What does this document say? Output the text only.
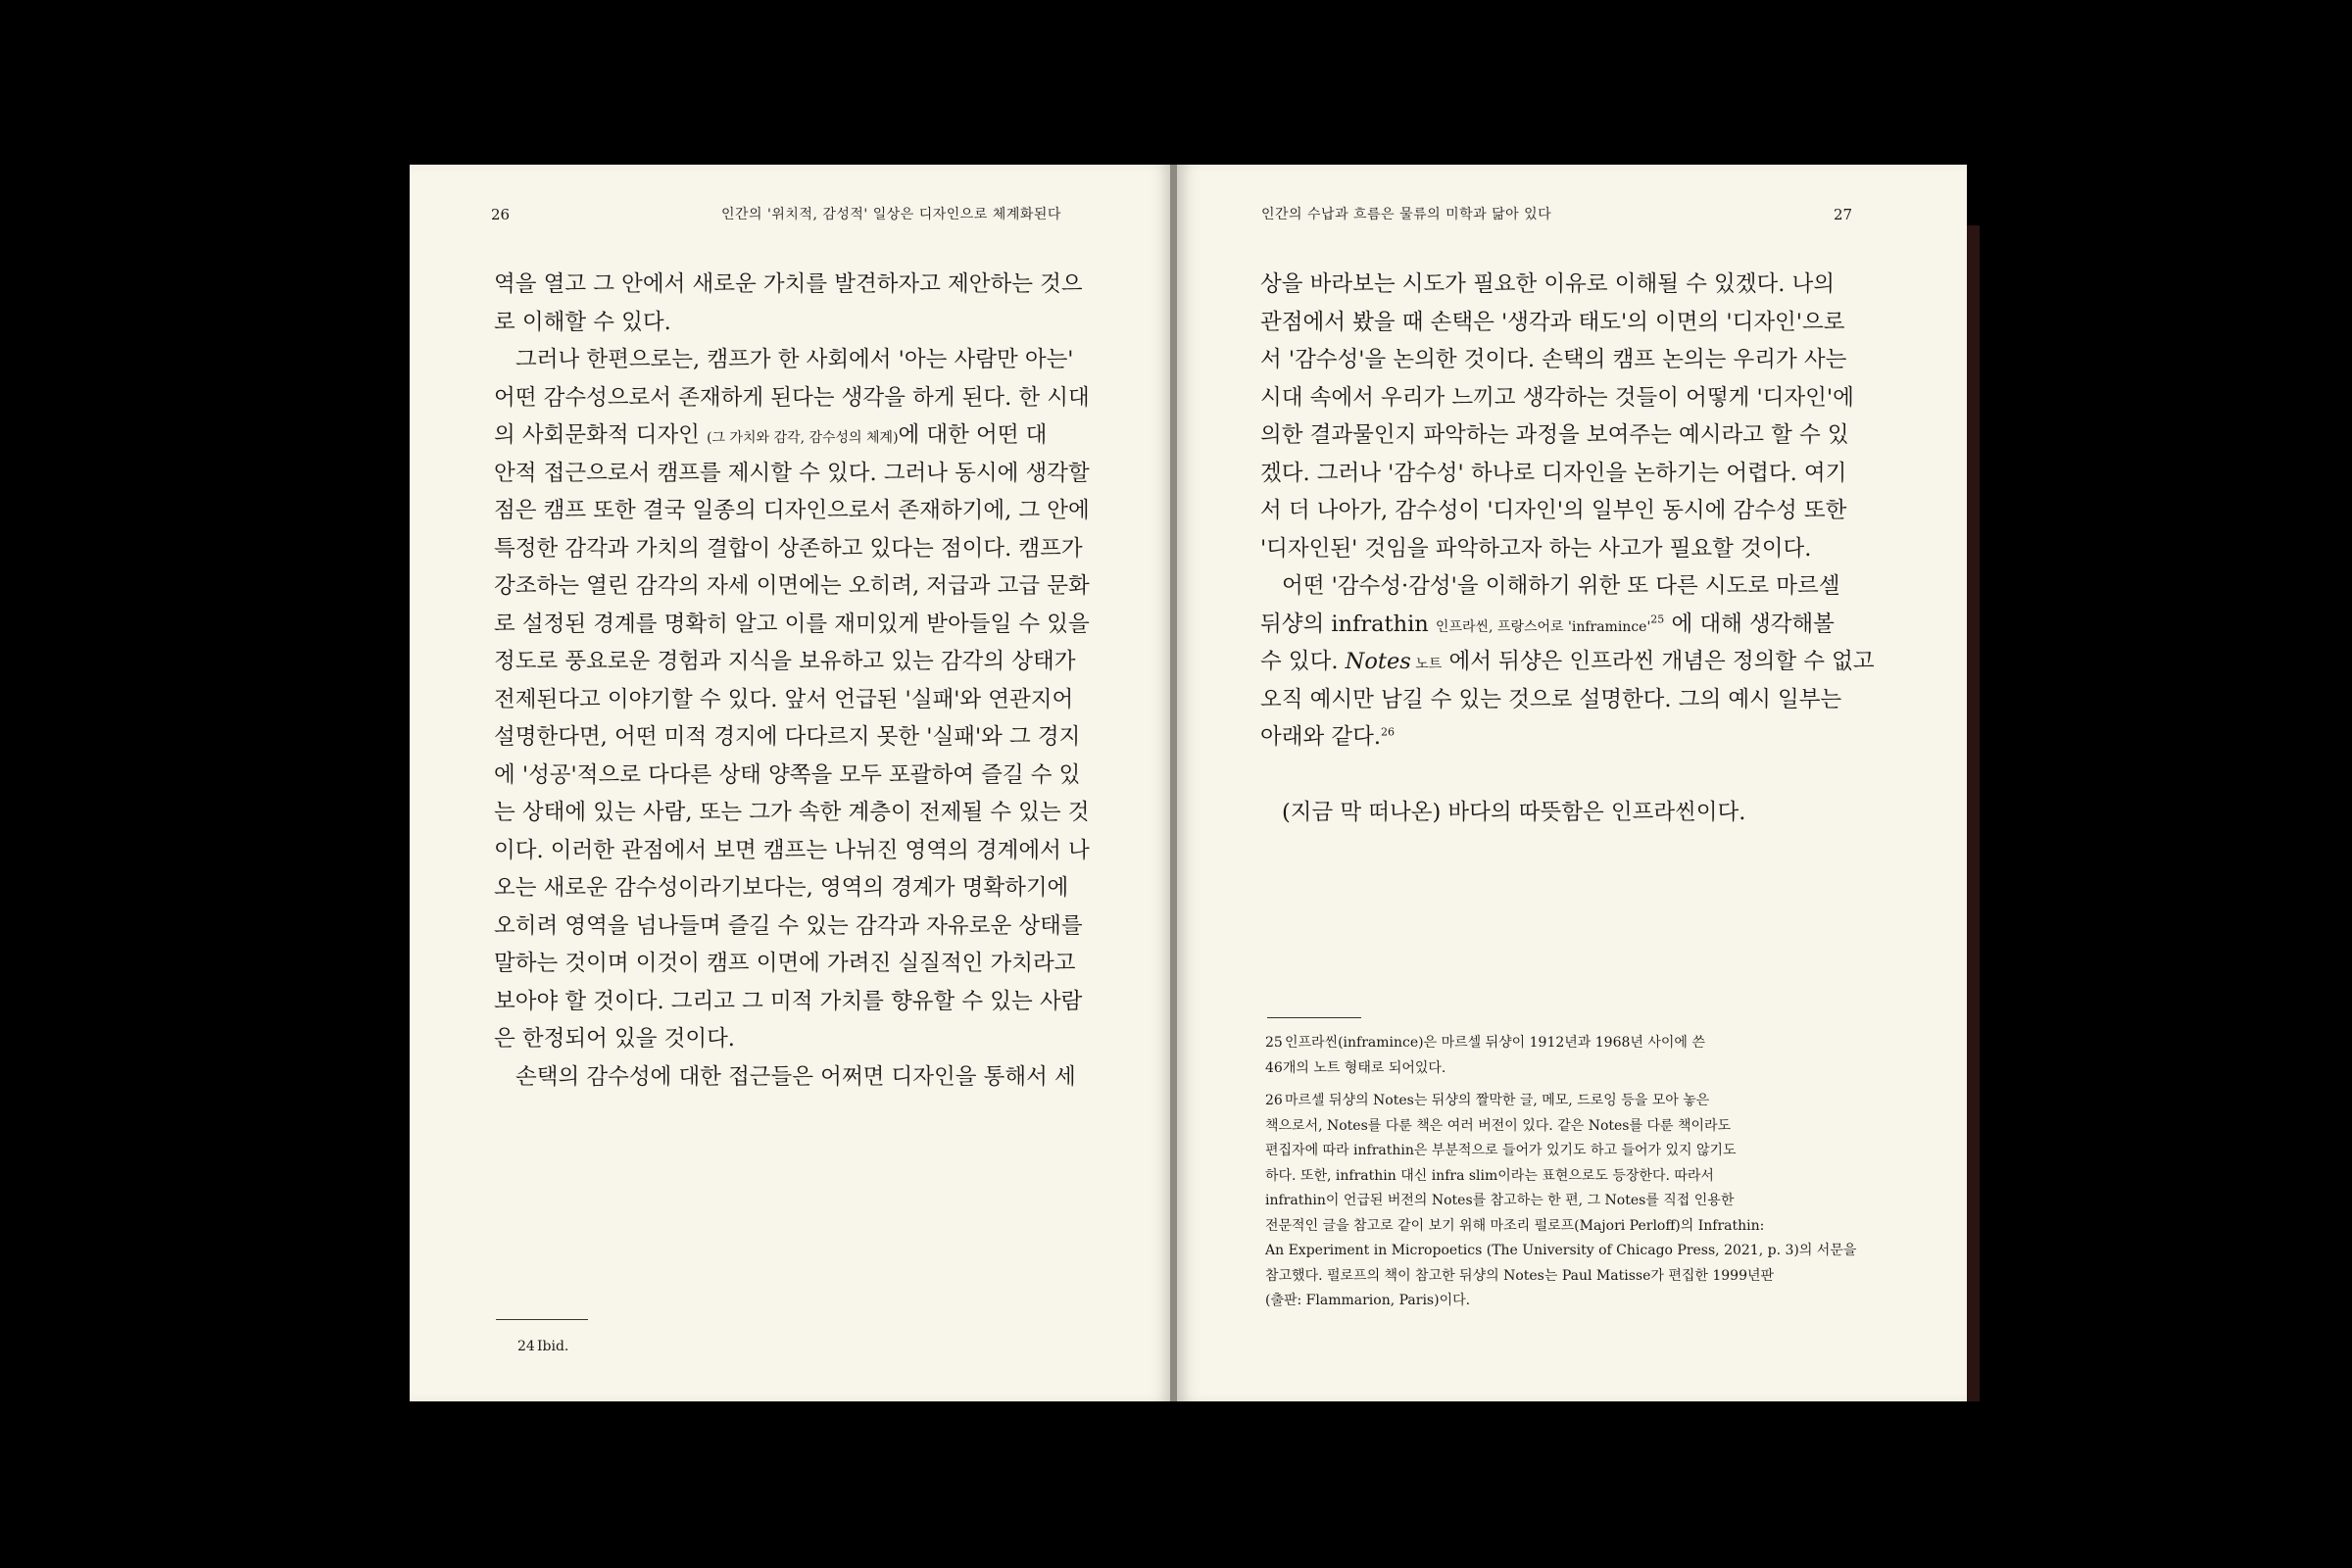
26	인간의 '위치적, 감성적' 일상은 디자인으로 체계화된다
역을 열고 그 안에서 새로운 가치를 발견하자고 제안하는 것으
로 이해할 수 있다.
그러나 한편으로는, 캠프가 한 사회에서 '아는 사람만 아는'
어떤 감수성으로서 존재하게 된다는 생각을 하게 된다. 한 시대
의 사회문화적 디자인 (그 가치와 감각, 감수성의 체계)에 대한 어떤 대
안적 접근으로서 캠프를 제시할 수 있다. 그러나 동시에 생각할
점은 캠프 또한 결국 일종의 디자인으로서 존재하기에, 그 안에
특정한 감각과 가치의 결합이 상존하고 있다는 점이다. 캠프가
강조하는 열린 감각의 자세 이면에는 오히려, 저급과 고급 문화
로 설정된 경계를 명확히 알고 이를 재미있게 받아들일 수 있을
정도로 풍요로운 경험과 지식을 보유하고 있는 감각의 상태가
전제된다고 이야기할 수 있다. 앞서 언급된 '실패'와 연관지어
설명한다면, 어떤 미적 경지에 다다르지 못한 '실패'와 그 경지
에 '성공'적으로 다다른 상태 양쪽을 모두 포괄하여 즐길 수 있
는 상태에 있는 사람, 또는 그가 속한 계층이 전제될 수 있는 것
이다. 이러한 관점에서 보면 캠프는 나뉘진 영역의 경계에서 나
오는 새로운 감수성이라기보다는, 영역의 경계가 명확하기에
오히려 영역을 넘나들며 즐길 수 있는 감각과 자유로운 상태를
말하는 것이며 이것이 캠프 이면에 가려진 실질적인 가치라고
보아야 할 것이다. 그리고 그 미적 가치를 향유할 수 있는 사람
은 한정되어 있을 것이다.
손택의 감수성에 대한 접근들은 어쩌면 디자인을 통해서 세
24 Ibid.
인간의 수납과 흐름은 물류의 미학과 닮아 있다	27
상을 바라보는 시도가 필요한 이유로 이해될 수 있겠다. 나의
관점에서 봤을 때 손택은 '생각과 태도'의 이면의 '디자인'으로
서 '감수성'을 논의한 것이다. 손택의 캠프 논의는 우리가 사는
시대 속에서 우리가 느끼고 생각하는 것들이 어떻게 '디자인'에
의한 결과물인지 파악하는 과정을 보여주는 예시라고 할 수 있
겠다. 그러나 '감수성' 하나로 디자인을 논하기는 어렵다. 여기
서 더 나아가, 감수성이 '디자인'의 일부인 동시에 감수성 또한
'디자인된' 것임을 파악하고자 하는 사고가 필요할 것이다.
어떤 '감수성·감성'을 이해하기 위한 또 다른 시도로 마르셀
뒤샹의 infrathin 인프라씬, 프랑스어로 '$inframince'^{25}$ 에 대해 생각해볼
수 있다. Notes 노트 에서 뒤샹은 인프라씬 개념은 정의할 수 없고
오직 예시만 남길 수 있는 것으로 설명한다. 그의 예시 일부는
아래와 같다.$^{26}$
(지금 막 떠나온) 바다의 따뜻함은 인프라씬이다.
25 인프라씬(inframince)은 마르셀 뒤샹이 1912년과 1968년 사이에 쓴
46개의 노트 형태로 되어있다.
26 마르셀 뒤샹의 Notes는 뒤샹의 짤막한 글, 메모, 드로잉 등을 모아 놓은
책으로서, Notes를 다룬 책은 여러 버전이 있다. 같은 Notes를 다룬 책이라도
편집자에 따라 infrathin은 부분적으로 들어가 있기도 하고 들어가 있지 않기도
하다. 또한, infrathin 대신 infra slim이라는 표현으로도 등장한다. 따라서
infrathin이 언급된 버전의 Notes를 참고하는 한 편, 그 Notes를 직접 인용한
전문적인 글을 참고로 같이 보기 위해 마조리 펄로프(Majori Perloff)의 Infrathin:
An Experiment in Micropoetics (The University of Chicago Press, 2021, p. 3)의 서문을
참고했다. 펄로프의 책이 참고한 뒤샹의 Notes는 Paul Matisse가 편집한 1999년판
(출판: Flammarion, Paris)이다.
